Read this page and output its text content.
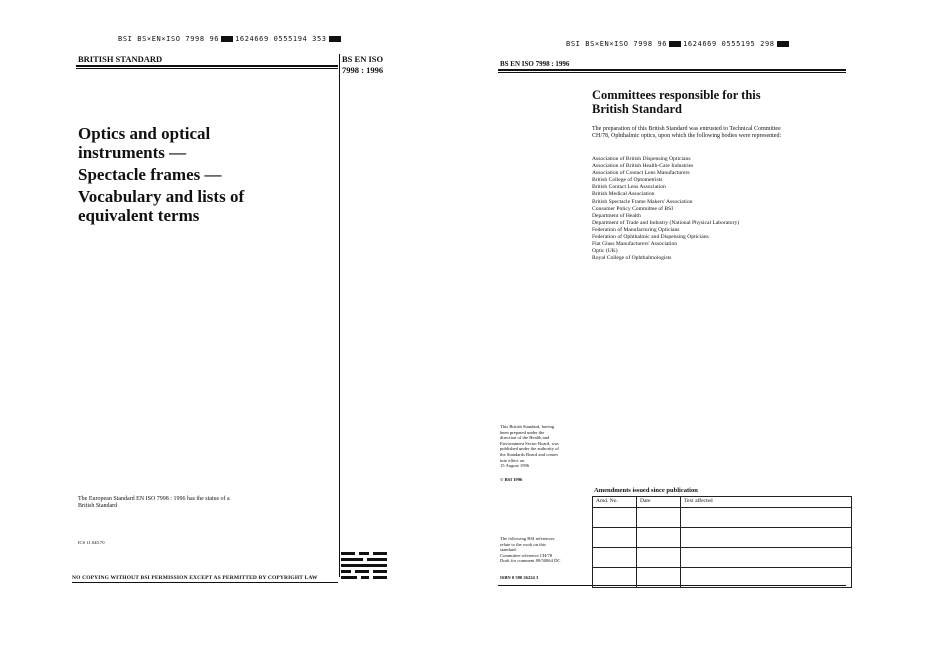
BSI BS×EN×ISO 7998 96 1624669 0555194 353
BRITISH STANDARD	BS EN ISO
7998 : 1996
Optics and optical
instruments —
Spectacle frames —
Vocabulary and lists of
equivalent terms
The European Standard EN ISO 7998 : 1996 has the status of a
British Standard
ICS 11.040.70
NO COPYING WITHOUT BSI PERMISSION EXCEPT AS PERMITTED BY COPYRIGHT LAW
BSI BS×EN×ISO 7998 96 1624669 0555195 298
BS EN ISO 7998 : 1996
Committees responsible for this
British Standard
The preparation of this British Standard was entrusted to Technical Committee
CH/78, Ophthalmic optics, upon which the following bodies were represented:
Association of British Dispensing Opticians
Association of British Health-Care Industries
Association of Contact Lens Manufacturers
British College of Optometrists
British Contact Lens Association
British Medical Association
British Spectacle Frame Makers' Association
Consumer Policy Committee of BSI
Department of Health
Department of Trade and Industry (National Physical Laboratory)
Federation of Manufacturing Opticians
Federation of Ophthalmic and Dispensing Opticians
Flat Glass Manufacturers' Association
Optic (UK)
Royal College of Ophthalmologists
This British Standard, having
been prepared under the
direction of the Health and
Environment Sector Board, was
published under the authority of
the Standards Board and comes
into effect on
15 August 1996
© BSI 1996
The following BSI references
relate to the work on this
standard:
Committee reference CH/78
Draft for comment 89/50064 DC
ISBN 0 580 26224 3
Amendments issued since publication
Amd. No.	Date	Text affected
